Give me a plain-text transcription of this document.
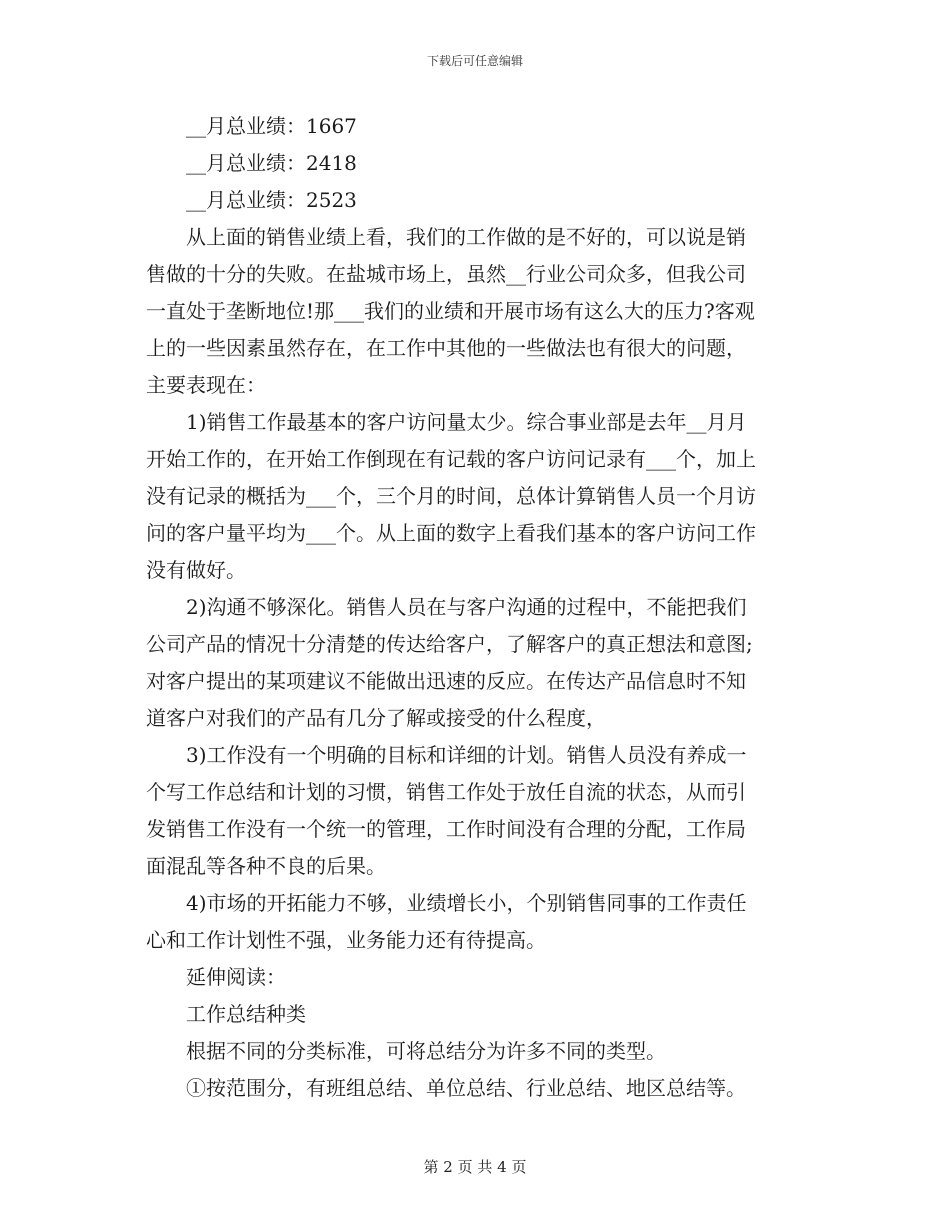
下载后可任意编辑
__月总业绩：1667
__月总业绩：2418
__月总业绩：2523
从上面的销售业绩上看，我们的工作做的是不好的，可以说是销
售做的十分的失败。在盐城市场上，虽然__行业公司众多，但我公司
一直处于垄断地位!那___我们的业绩和开展市场有这么大的压力?客观
上的一些因素虽然存在，在工作中其他的一些做法也有很大的问题，
主要表现在：
1)销售工作最基本的客户访问量太少。综合事业部是去年__月月
开始工作的，在开始工作倒现在有记载的客户访问记录有___个，加上
没有记录的概括为___个，三个月的时间，总体计算销售人员一个月访
问的客户量平均为___个。从上面的数字上看我们基本的客户访问工作
没有做好。
2)沟通不够深化。销售人员在与客户沟通的过程中，不能把我们
公司产品的情况十分清楚的传达给客户，了解客户的真正想法和意图;
对客户提出的某项建议不能做出迅速的反应。在传达产品信息时不知
道客户对我们的产品有几分了解或接受的什么程度，
3)工作没有一个明确的目标和详细的计划。销售人员没有养成一
个写工作总结和计划的习惯，销售工作处于放任自流的状态，从而引
发销售工作没有一个统一的管理，工作时间没有合理的分配，工作局
面混乱等各种不良的后果。
4)市场的开拓能力不够，业绩增长小，个别销售同事的工作责任
心和工作计划性不强，业务能力还有待提高。
延伸阅读：
工作总结种类
根据不同的分类标准，可将总结分为许多不同的类型。
①按范围分，有班组总结、单位总结、行业总结、地区总结等。
第 2 页 共 4 页
